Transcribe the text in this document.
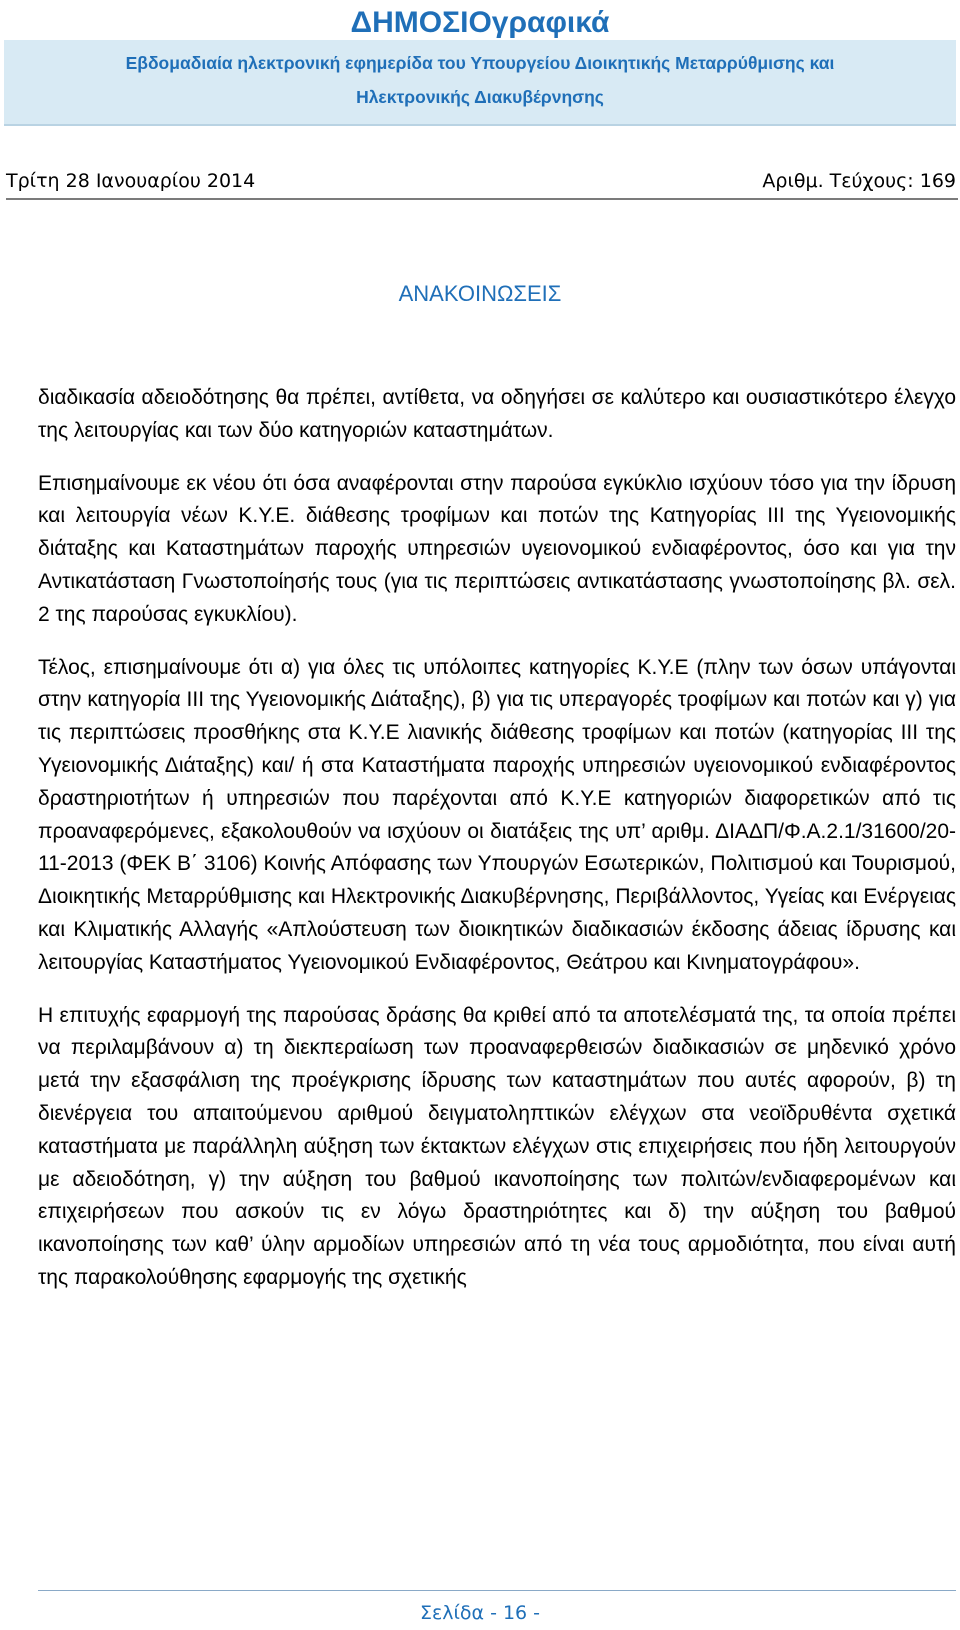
ΔΗΜΟΣΙΟγραφικά
Εβδομαδιαία ηλεκτρονική εφημερίδα του Υπουργείου Διοικητικής Μεταρρύθμισης και
Ηλεκτρονικής Διακυβέρνησης
Τρίτη 28 Ιανουαρίου 2014	Αριθμ. Τεύχους: 169
ΑΝΑΚΟΙΝΩΣΕΙΣ

διαδικασία αδειοδότησης θα πρέπει, αντίθετα, να οδηγήσει σε καλύτερο και ουσιαστικότερο έλεγχο της λειτουργίας και των δύο κατηγοριών καταστημάτων.

Επισημαίνουμε εκ νέου ότι όσα αναφέρονται στην παρούσα εγκύκλιο ισχύουν τόσο για την ίδρυση και λειτουργία νέων Κ.Υ.Ε. διάθεσης τροφίμων και ποτών της Κατηγορίας ΙΙΙ της Υγειονομικής διάταξης και Καταστημάτων παροχής υπηρεσιών υγειονομικού ενδιαφέροντος, όσο και για την Αντικατάσταση Γνωστοποίησής τους (για τις περιπτώσεις αντικατάστασης γνωστοποίησης βλ. σελ. 2 της παρούσας εγκυκλίου).

Τέλος, επισημαίνουμε ότι α) για όλες τις υπόλοιπες κατηγορίες Κ.Υ.Ε (πλην των όσων υπάγονται στην κατηγορία ΙΙΙ της Υγειονομικής Διάταξης), β) για τις υπεραγορές τροφίμων και ποτών και γ) για τις περιπτώσεις προσθήκης στα Κ.Υ.Ε λιανικής διάθεσης τροφίμων και ποτών (κατηγορίας ΙΙΙ της Υγειονομικής Διάταξης) και/ ή στα Καταστήματα παροχής υπηρεσιών υγειονομικού ενδιαφέροντος δραστηριοτήτων ή υπηρεσιών που παρέχονται από Κ.Υ.Ε κατηγοριών διαφορετικών από τις προαναφερόμενες, εξακολουθούν να ισχύουν οι διατάξεις της υπ’ αριθμ. ΔΙΑΔΠ/Φ.Α.2.1/31600/20-11-2013 (ΦΕΚ Β΄ 3106) Κοινής Απόφασης των Υπουργών Εσωτερικών, Πολιτισμού και Τουρισμού, Διοικητικής Μεταρρύθμισης και Ηλεκτρονικής Διακυβέρνησης, Περιβάλλοντος, Υγείας και Ενέργειας και Κλιματικής Αλλαγής «Απλούστευση των διοικητικών διαδικασιών έκδοσης άδειας ίδρυσης και λειτουργίας Καταστήματος Υγειονομικού Ενδιαφέροντος, Θεάτρου και Κινηματογράφου».

Η επιτυχής εφαρμογή της παρούσας δράσης θα κριθεί από τα αποτελέσματά της, τα οποία πρέπει να περιλαμβάνουν α) τη διεκπεραίωση των προαναφερθεισών διαδικασιών σε μηδενικό χρόνο μετά την εξασφάλιση της προέγκρισης ίδρυσης των καταστημάτων που αυτές αφορούν, β) τη διενέργεια του απαιτούμενου αριθμού δειγματοληπτικών ελέγχων στα νεοϊδρυθέντα σχετικά καταστήματα με παράλληλη αύξηση των έκτακτων ελέγχων στις επιχειρήσεις που ήδη λειτουργούν με αδειοδότηση, γ) την αύξηση του βαθμού ικανοποίησης των πολιτών/ενδιαφερομένων και επιχειρήσεων που ασκούν τις εν λόγω δραστηριότητες και δ) την αύξηση του βαθμού ικανοποίησης των καθ’ ύλην αρμοδίων υπηρεσιών από τη νέα τους αρμοδιότητα, που είναι αυτή της παρακολούθησης εφαρμογής της σχετικής

Σελίδα - 16 -
